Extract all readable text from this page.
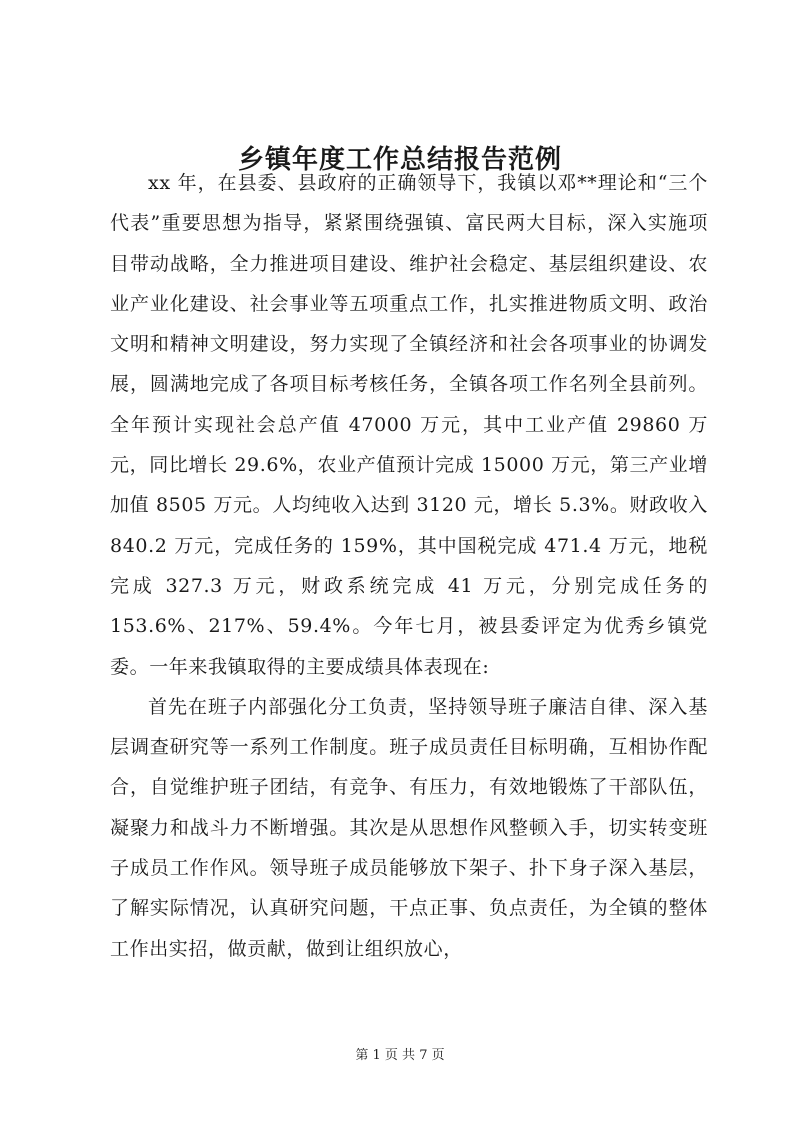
乡镇年度工作总结报告范例

xx 年，在县委、县政府的正确领导下，我镇以邓**理论和“三个代表”重要思想为指导，紧紧围绕强镇、富民两大目标，深入实施项目带动战略，全力推进项目建设、维护社会稳定、基层组织建设、农业产业化建设、社会事业等五项重点工作，扎实推进物质文明、政治文明和精神文明建设，努力实现了全镇经济和社会各项事业的协调发展，圆满地完成了各项目标考核任务，全镇各项工作名列全县前列。全年预计实现社会总产值 47000 万元，其中工业产值 29860 万元，同比增长 29.6%，农业产值预计完成 15000 万元，第三产业增加值 8505 万元。人均纯收入达到 3120 元，增长 5.3%。财政收入 840.2 万元，完成任务的 159%，其中国税完成 471.4 万元，地税完成 327.3 万元，财政系统完成 41 万元，分别完成任务的 153.6%、217%、59.4%。今年七月，被县委评定为优秀乡镇党委。一年来我镇取得的主要成绩具体表现在:

首先在班子内部强化分工负责，坚持领导班子廉洁自律、深入基层调查研究等一系列工作制度。班子成员责任目标明确，互相协作配合，自觉维护班子团结，有竞争、有压力，有效地锻炼了干部队伍，凝聚力和战斗力不断增强。其次是从思想作风整顿入手，切实转变班子成员工作作风。领导班子成员能够放下架子、扑下身子深入基层，了解实际情况，认真研究问题，干点正事、负点责任，为全镇的整体工作出实招，做贡献，做到让组织放心，

第 1 页 共 7 页
